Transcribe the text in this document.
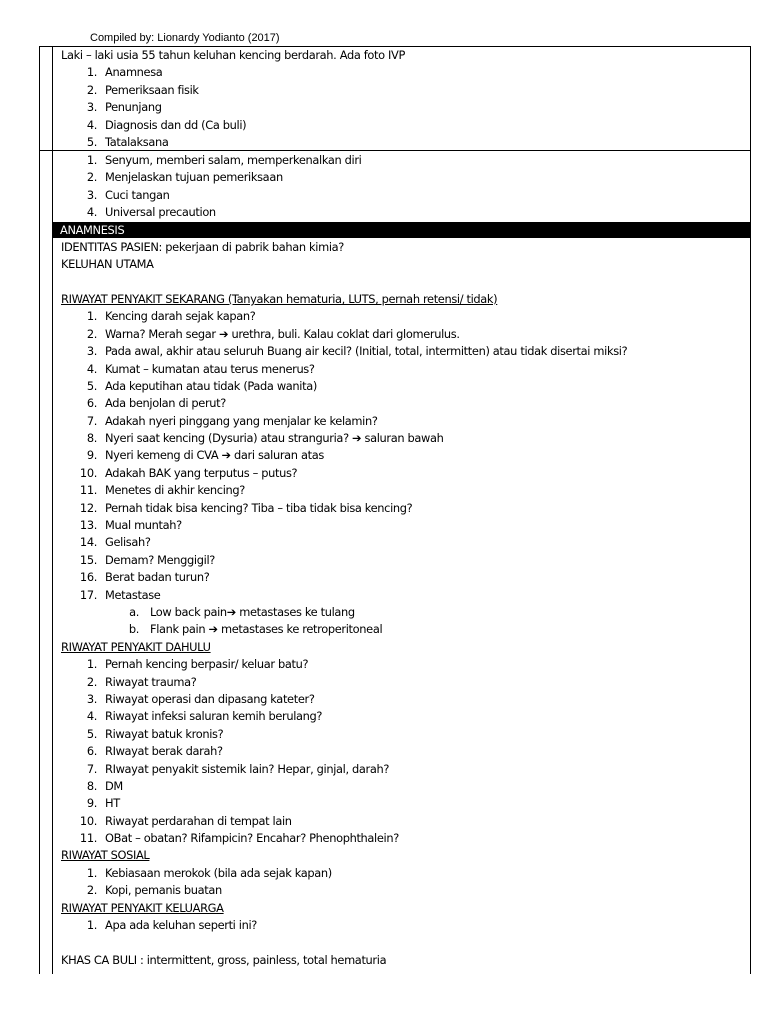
Compiled by: Lionardy Yodianto (2017)
ANAMNESIS
Laki – laki usia 55 tahun keluhan kencing berdarah. Ada foto IVP
1. Anamnesa
2. Pemeriksaan fisik
3. Penunjang
4. Diagnosis dan dd (Ca buli)
5. Tatalaksana
1. Senyum, memberi salam, memperkenalkan diri
2. Menjelaskan tujuan pemeriksaan
3. Cuci tangan
4. Universal precaution
IDENTITAS PASIEN: pekerjaan di pabrik bahan kimia?
KELUHAN UTAMA
RIWAYAT PENYAKIT SEKARANG (Tanyakan hematuria, LUTS, pernah retensi/ tidak)
1. Kencing darah sejak kapan?
2. Warna? Merah segar ➔ urethra, buli. Kalau coklat dari glomerulus.
3. Pada awal, akhir atau seluruh Buang air kecil? (Initial, total, intermitten) atau tidak disertai miksi?
4. Kumat – kumatan atau terus menerus?
5. Ada keputihan atau tidak (Pada wanita)
6. Ada benjolan di perut?
7. Adakah nyeri pinggang yang menjalar ke kelamin?
8. Nyeri saat kencing (Dysuria) atau stranguria? ➔ saluran bawah
9. Nyeri kemeng di CVA ➔ dari saluran atas
10. Adakah BAK yang terputus – putus?
11. Menetes di akhir kencing?
12. Pernah tidak bisa kencing? Tiba – tiba tidak bisa kencing?
13. Mual muntah?
14. Gelisah?
15. Demam? Menggigil?
16. Berat badan turun?
17. Metastase
a. Low back pain➔ metastases ke tulang
b. Flank pain ➔ metastases ke retroperitoneal
RIWAYAT PENYAKIT DAHULU
1. Pernah kencing berpasir/ keluar batu?
2. Riwayat trauma?
3. Riwayat operasi dan dipasang kateter?
4. Riwayat infeksi saluran kemih berulang?
5. Riwayat batuk kronis?
6. RIwayat berak darah?
7. RIwayat penyakit sistemik lain? Hepar, ginjal, darah?
8. DM
9. HT
10. Riwayat perdarahan di tempat lain
11. OBat – obatan? Rifampicin? Encahar? Phenophthalein?
RIWAYAT SOSIAL
1. Kebiasaan merokok (bila ada sejak kapan)
2. Kopi, pemanis buatan
RIWAYAT PENYAKIT KELUARGA
1. Apa ada keluhan seperti ini?
KHAS CA BULI : intermittent, gross, painless, total hematuria
